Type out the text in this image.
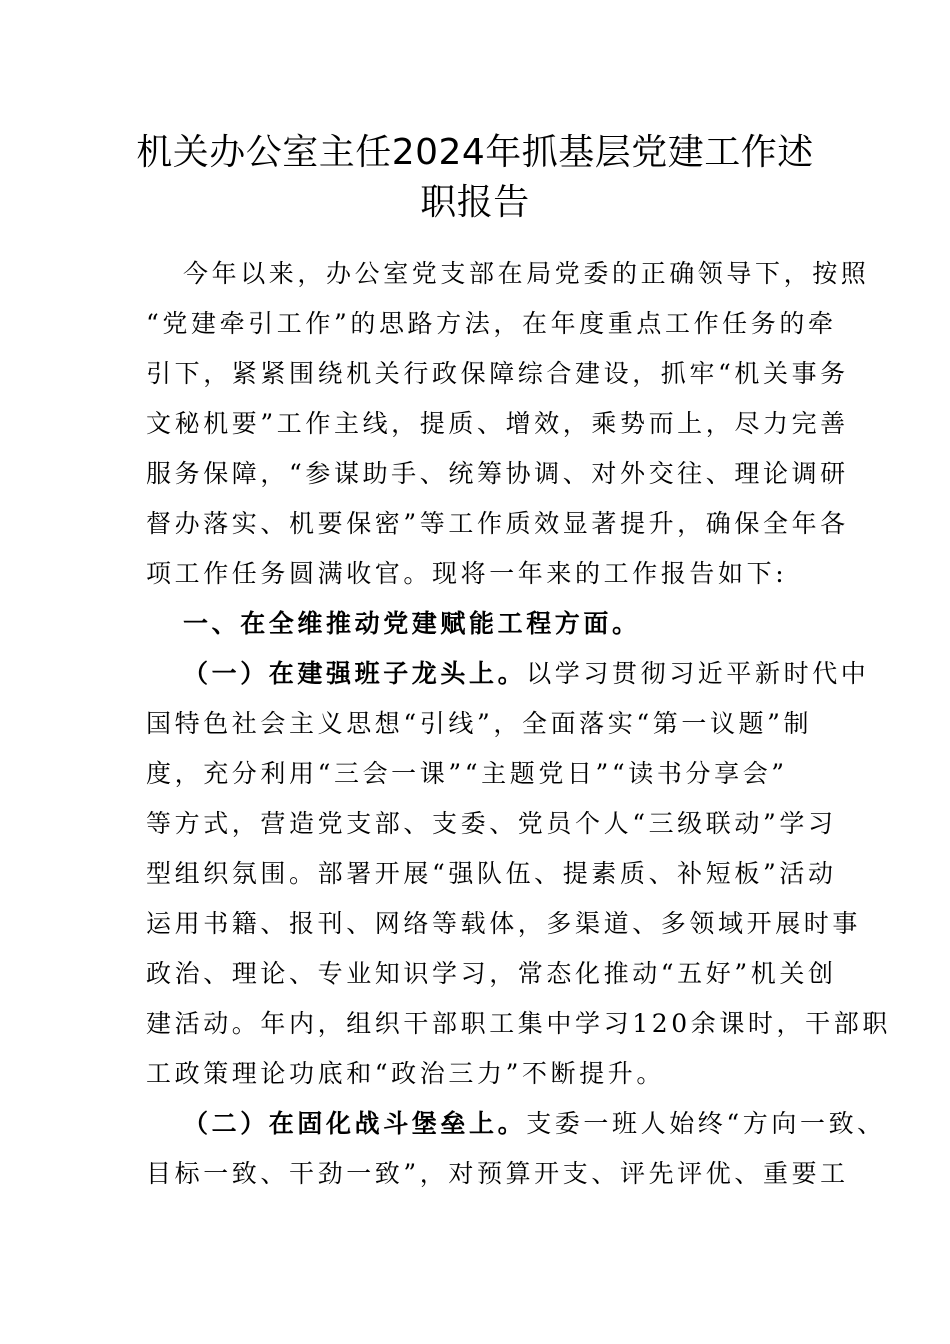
机关办公室主任2024年抓基层党建工作述
职报告
今年以来，办公室党支部在局党委的正确领导下，按照
“党建牵引工作”的思路方法，在年度重点工作任务的牵
引下，紧紧围绕机关行政保障综合建设，抓牢“机关事务
文秘机要”工作主线，提质、增效，乘势而上，尽力完善
服务保障，“参谋助手、统筹协调、对外交往、理论调研
督办落实、机要保密”等工作质效显著提升，确保全年各
项工作任务圆满收官。现将一年来的工作报告如下:
一、在全维推动党建赋能工程方面。
（一）在建强班子龙头上。以学习贯彻习近平新时代中
国特色社会主义思想“引线”，全面落实“第一议题”制
度，充分利用“三会一课”“主题党日”“读书分享会”
等方式，营造党支部、支委、党员个人“三级联动”学习
型组织氛围。部署开展“强队伍、提素质、补短板”活动
运用书籍、报刊、网络等载体，多渠道、多领域开展时事
政治、理论、专业知识学习，常态化推动“五好”机关创
建活动。年内，组织干部职工集中学习120余课时，干部职
工政策理论功底和“政治三力”不断提升。
（二）在固化战斗堡垒上。支委一班人始终“方向一致、
目标一致、干劲一致”，对预算开支、评先评优、重要工
